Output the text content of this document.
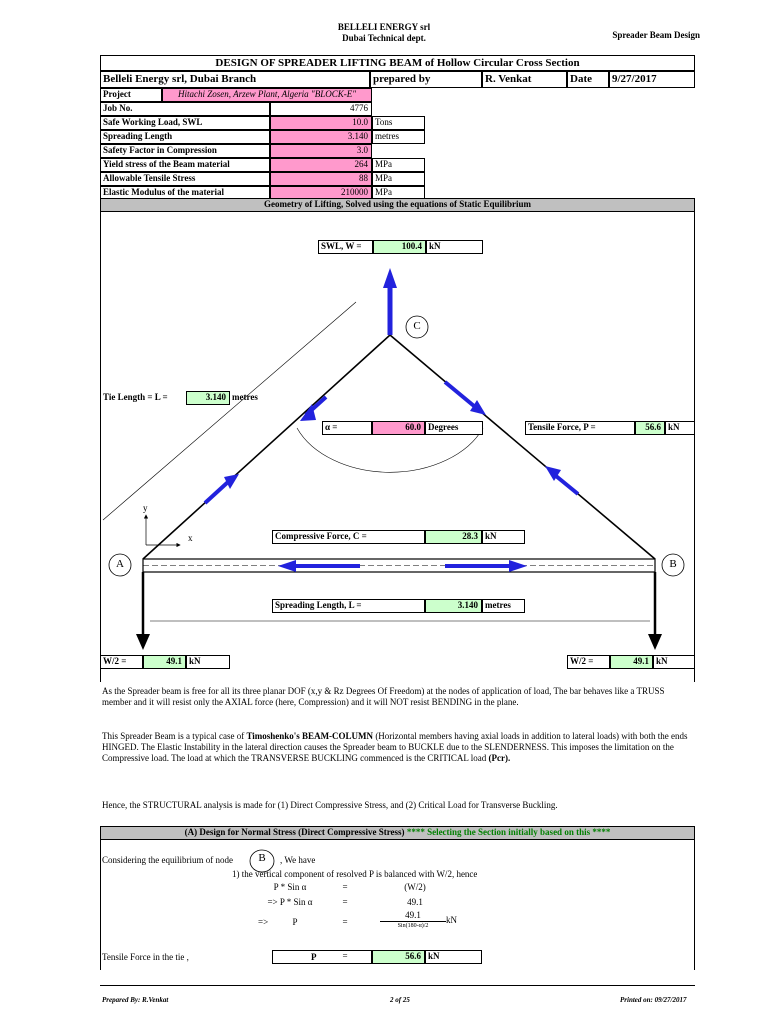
BELLELI ENERGY srl
Dubai Technical dept.	Spreader Beam Design
DESIGN OF SPREADER LIFTING BEAM of Hollow Circular Cross Section
Belleli Energy srl, Dubai Branch	prepared by	R. Venkat	Date	9/27/2017
Project	Hitachi Zosen, Arzew Plant, Algeria "BLOCK-E"
Job No.	4776
Safe Working Load, SWL	10.0 Tons
Spreading Length	3.140 metres
Safety Factor in Compression	3.0
Yield stress of the Beam material	264 MPa
Allowable Tensile Stress	88 MPa
Elastic Modulus of the material	210000 MPa
Geometry of Lifting, Solved using the equations of Static Equilibrium
C
A	B
y
x
SWL, W =	100.4 kN
Tie Length = L =	3.140 metres
α =	60.0 Degrees	Tensile Force, P =	56.6 kN
Compressive Force, C =	28.3 kN
Spreading Length, L =	3.140 metres
W/2 =	49.1 kN	W/2 =	49.1 kN
As the Spreader beam is free for all its three planar DOF (x,y & Rz Degrees Of Freedom) at the nodes of application of load, The bar behaves like a TRUSS member and it will resist only the AXIAL force (here, Compression) and it will NOT resist BENDING in the plane.
This Spreader Beam is a typical case of Timoshenko's BEAM-COLUMN (Horizontal members having axial loads in addition to lateral loads) with both the ends HINGED. The Elastic Instability in the lateral direction causes the Spreader beam to BUCKLE due to the SLENDERNESS. This imposes the limitation on the Compressive load. The load at which the TRANSVERSE BUCKLING commenced is the CRITICAL load (Pcr).
Hence, the STRUCTURAL analysis is made for (1) Direct Compressive Stress, and (2) Critical Load for Transverse Buckling.
(A) Design for Normal Stress (Direct Compressive Stress) **** Selecting the Section initially based on this ****
Considering the equilibrium of node	B	, We have
1) the vertical component of resolved P is balanced with W/2, hence
P * Sin α	=	(W/2)
=> P * Sin α	=	49.1
=>	P	=
49.1
Sin(180-α)/2
kN
Tensile Force in the tie ,	P	=	56.6 kN
Prepared By: R.Venkat	2 of 25	Printed on: 09/27/2017
